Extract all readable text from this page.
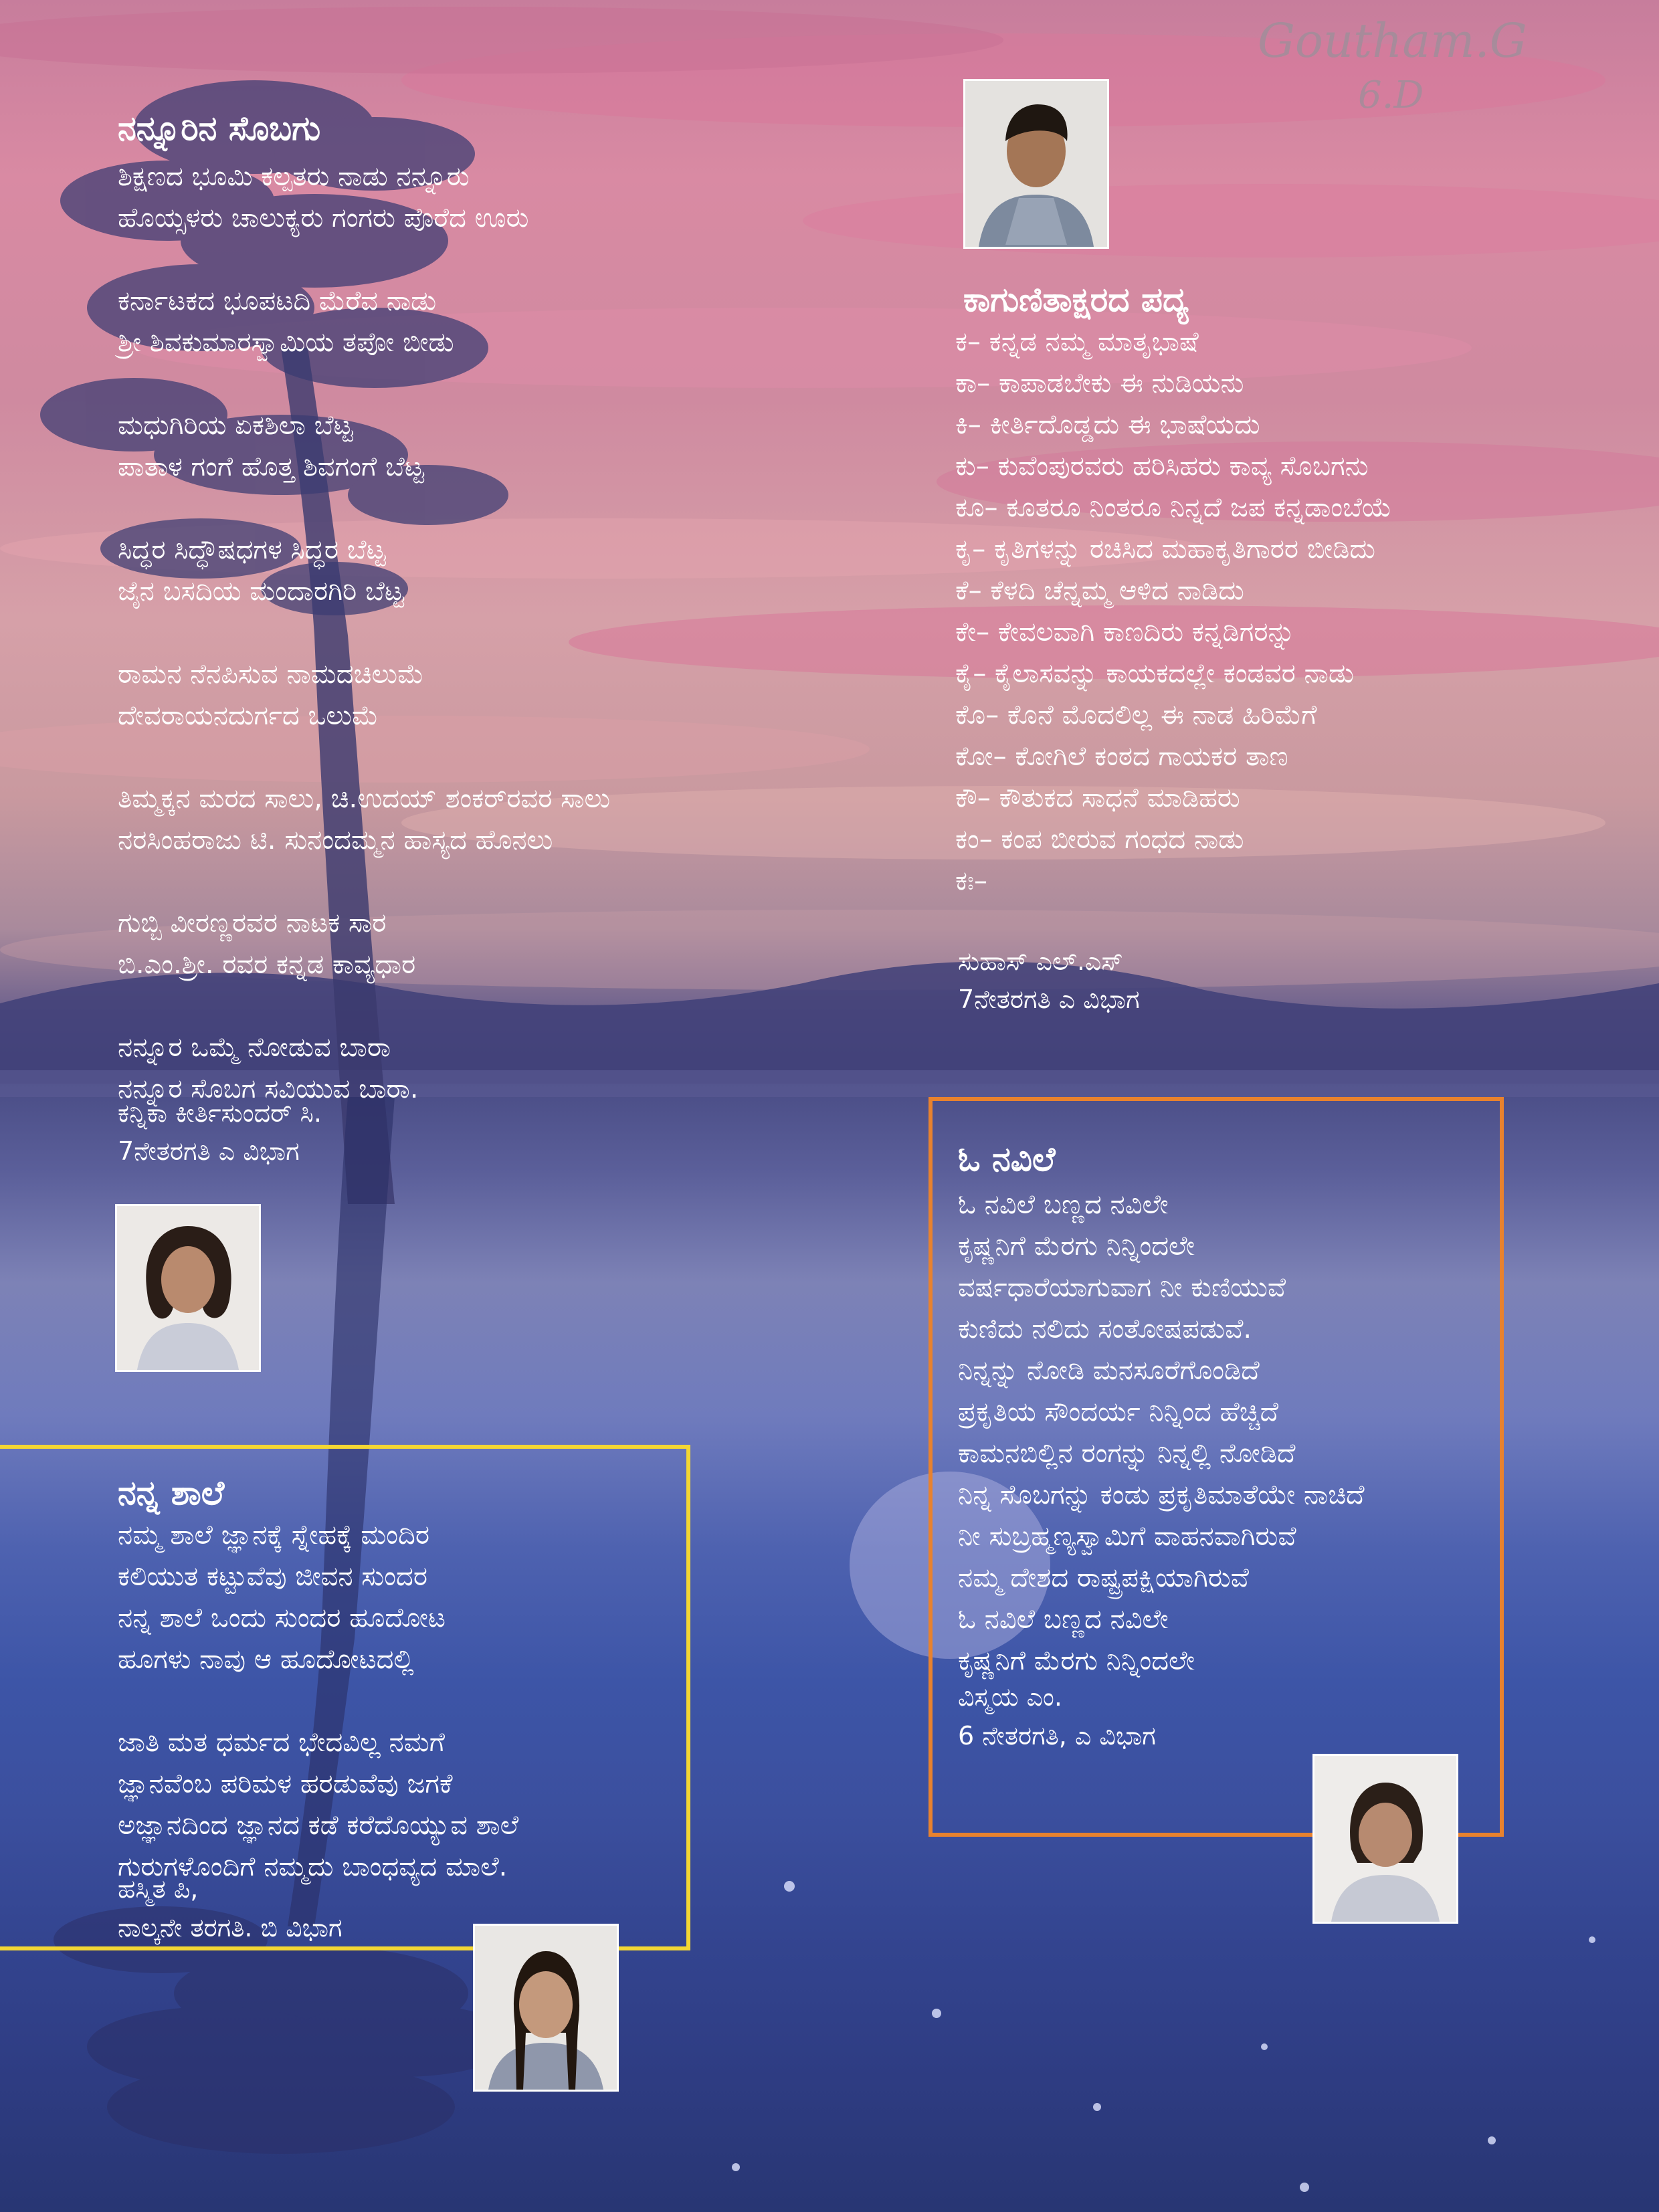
Goutham.G
6.D
ನನ್ನೂರಿನ ಸೊಬಗು
ಶಿಕ್ಷಣದ ಭೂಮಿ ಕಲ್ಪತರು ನಾಡು ನನ್ನೂರು
ಹೊಯ್ಸಳರು ಚಾಲುಕ್ಯರು ಗಂಗರು ಪೊರೆದ ಊರು
ಕರ್ನಾಟಕದ ಭೂಪಟದಿ ಮೆರೆವ ನಾಡು
ಶ್ರೀ ಶಿವಕುಮಾರಸ್ವಾಮಿಯ ತಪೋ ಬೀಡು
ಮಧುಗಿರಿಯ ಏಕಶಿಲಾ ಬೆಟ್ಟ
ಪಾತಾಳ ಗಂಗೆ ಹೊತ್ತ ಶಿವಗಂಗೆ ಬೆಟ್ಟ
ಸಿದ್ಧರ ಸಿದ್ಧೌಷಧಗಳ ಸಿದ್ಧರ ಬೆಟ್ಟ
ಜೈನ ಬಸದಿಯ ಮಂದಾರಗಿರಿ ಬೆಟ್ಟ
ರಾಮನ ನೆನಪಿಸುವ ನಾಮದಚಿಲುಮೆ
ದೇವರಾಯನದುರ್ಗದ ಒಲುಮೆ
ತಿಮ್ಮಕ್ಕನ ಮರದ ಸಾಲು, ಚಿ.ಉದಯ್ ಶಂಕರ್‌ರವರ ಸಾಲು
ನರಸಿಂಹರಾಜು ಟಿ. ಸುನಂದಮ್ಮನ ಹಾಸ್ಯದ ಹೊನಲು
ಗುಬ್ಬಿ ವೀರಣ್ಣರವರ ನಾಟಕ ಸಾರ
ಬಿ.ಎಂ.ಶ್ರೀ. ರವರ ಕನ್ನಡ ಕಾವ್ಯಧಾರ
ನನ್ನೂರ ಒಮ್ಮೆ ನೋಡುವ ಬಾರಾ
ನನ್ನೂರ ಸೊಬಗ ಸವಿಯುವ ಬಾರಾ.
ಕನ್ನಿಕಾ ಕೀರ್ತಿಸುಂದರ್ ಸಿ.
7ನೇತರಗತಿ ಎ ವಿಭಾಗ
ಕಾಗುಣಿತಾಕ್ಷರದ ಪದ್ಯ
ಕ– ಕನ್ನಡ ನಮ್ಮ ಮಾತೃಭಾಷೆ
ಕಾ– ಕಾಪಾಡಬೇಕು ಈ ನುಡಿಯನು
ಕಿ– ಕೀರ್ತಿದೊಡ್ಡದು ಈ ಭಾಷೆಯದು
ಕು– ಕುವೆಂಪುರವರು ಹರಿಸಿಹರು ಕಾವ್ಯ ಸೊಬಗನು
ಕೂ– ಕೂತರೂ ನಿಂತರೂ ನಿನ್ನದೆ ಜಪ ಕನ್ನಡಾಂಬೆಯೆ
ಕೃ– ಕೃತಿಗಳನ್ನು ರಚಿಸಿದ ಮಹಾಕೃತಿಗಾರರ ಬೀಡಿದು
ಕೆ– ಕೆಳದಿ ಚೆನ್ನಮ್ಮ ಆಳಿದ ನಾಡಿದು
ಕೇ– ಕೇವಲವಾಗಿ ಕಾಣದಿರು ಕನ್ನಡಿಗರನ್ನು
ಕೈ– ಕೈಲಾಸವನ್ನು ಕಾಯಕದಲ್ಲೇ ಕಂಡವರ ನಾಡು
ಕೊ– ಕೊನೆ ಮೊದಲಿಲ್ಲ ಈ ನಾಡ ಹಿರಿಮೆಗೆ
ಕೋ– ಕೋಗಿಲೆ ಕಂಠದ ಗಾಯಕರ ತಾಣ
ಕೌ– ಕೌತುಕದ ಸಾಧನೆ ಮಾಡಿಹರು
ಕಂ– ಕಂಪ ಬೀರುವ ಗಂಧದ ನಾಡು
ಕಃ–
ಸುಹಾಸ್ ಎಲ್.ಎಸ್
7ನೇತರಗತಿ ಎ ವಿಭಾಗ
ಓ ನವಿಲೆ
ಓ ನವಿಲೆ ಬಣ್ಣದ ನವಿಲೇ
ಕೃಷ್ಣನಿಗೆ ಮೆರಗು ನಿನ್ನಿಂದಲೇ
ವರ್ಷಧಾರೆಯಾಗುವಾಗ ನೀ ಕುಣಿಯುವೆ
ಕುಣಿದು ನಲಿದು ಸಂತೋಷಪಡುವೆ.
ನಿನ್ನನ್ನು ನೋಡಿ ಮನಸೂರೆಗೊಂಡಿದೆ
ಪ್ರಕೃತಿಯ ಸೌಂದರ್ಯ ನಿನ್ನಿಂದ ಹೆಚ್ಚಿದೆ
ಕಾಮನಬಿಲ್ಲಿನ ರಂಗನ್ನು ನಿನ್ನಲ್ಲಿ ನೋಡಿದೆ
ನಿನ್ನ ಸೊಬಗನ್ನು ಕಂಡು ಪ್ರಕೃತಿಮಾತೆಯೇ ನಾಚಿದೆ
ನೀ ಸುಬ್ರಹ್ಮಣ್ಯಸ್ವಾಮಿಗೆ ವಾಹನವಾಗಿರುವೆ
ನಮ್ಮ ದೇಶದ ರಾಷ್ಟ್ರಪಕ್ಷಿಯಾಗಿರುವೆ
ಓ ನವಿಲೆ ಬಣ್ಣದ ನವಿಲೇ
ಕೃಷ್ಣನಿಗೆ ಮೆರಗು ನಿನ್ನಿಂದಲೇ
ವಿಸ್ಮಯ ಎಂ.
6 ನೇತರಗತಿ, ಎ ವಿಭಾಗ
ನನ್ನ ಶಾಲೆ
ನಮ್ಮ ಶಾಲೆ ಜ್ಞಾನಕ್ಕೆ ಸ್ನೇಹಕ್ಕೆ ಮಂದಿರ
ಕಲಿಯುತ ಕಟ್ಟುವೆವು ಜೀವನ ಸುಂದರ
ನನ್ನ ಶಾಲೆ ಒಂದು ಸುಂದರ ಹೂದೋಟ
ಹೂಗಳು ನಾವು ಆ ಹೂದೋಟದಲ್ಲಿ
ಜಾತಿ ಮತ ಧರ್ಮದ ಭೇದವಿಲ್ಲ ನಮಗೆ
ಜ್ಞಾನವೆಂಬ ಪರಿಮಳ ಹರಡುವೆವು ಜಗಕೆ
ಅಜ್ಞಾನದಿಂದ ಜ್ಞಾನದ ಕಡೆ ಕರೆದೊಯ್ಯುವ ಶಾಲೆ
ಗುರುಗಳೊಂದಿಗೆ ನಮ್ಮದು ಬಾಂಧವ್ಯದ ಮಾಲೆ.
ಹಸ್ಮಿತ ಪಿ,
ನಾಲ್ಕನೇ ತರಗತಿ. ಬಿ ವಿಭಾಗ
